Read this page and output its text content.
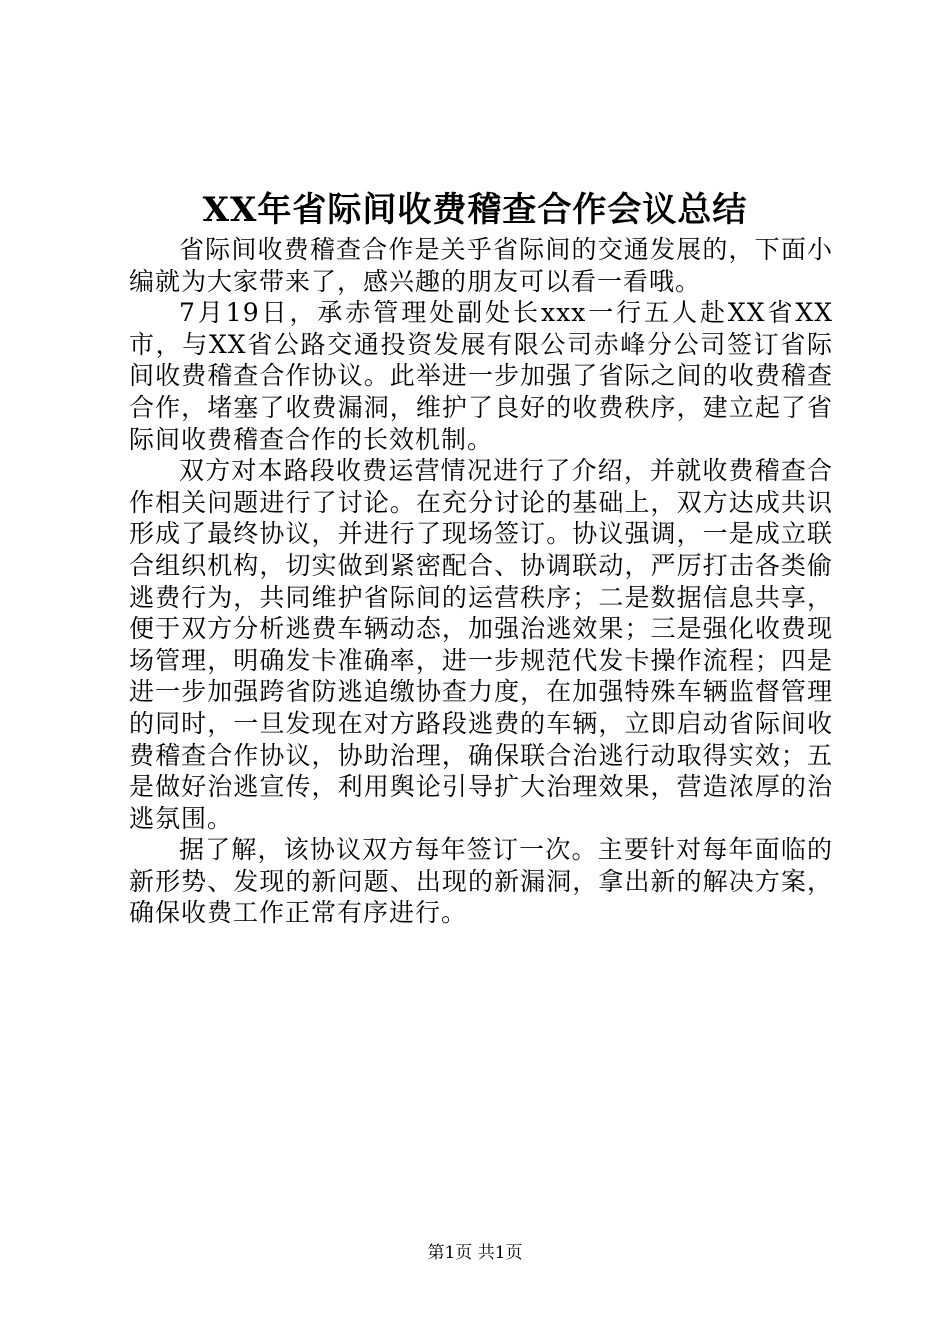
XX年省际间收费稽查合作会议总结

省际间收费稽查合作是关乎省际间的交通发展的，下面小编就为大家带来了，感兴趣的朋友可以看一看哦。

7月19日，承赤管理处副处长xxx一行五人赴XX省XX市，与XX省公路交通投资发展有限公司赤峰分公司签订省际间收费稽查合作协议。此举进一步加强了省际之间的收费稽查合作，堵塞了收费漏洞，维护了良好的收费秩序，建立起了省际间收费稽查合作的长效机制。

双方对本路段收费运营情况进行了介绍，并就收费稽查合作相关问题进行了讨论。在充分讨论的基础上，双方达成共识形成了最终协议，并进行了现场签订。协议强调，一是成立联合组织机构，切实做到紧密配合、协调联动，严厉打击各类偷逃费行为，共同维护省际间的运营秩序；二是数据信息共享，便于双方分析逃费车辆动态，加强治逃效果；三是强化收费现场管理，明确发卡准确率，进一步规范代发卡操作流程；四是进一步加强跨省防逃追缴协查力度，在加强特殊车辆监督管理的同时，一旦发现在对方路段逃费的车辆，立即启动省际间收费稽查合作协议，协助治理，确保联合治逃行动取得实效；五是做好治逃宣传，利用舆论引导扩大治理效果，营造浓厚的治逃氛围。

据了解，该协议双方每年签订一次。主要针对每年面临的新形势、发现的新问题、出现的新漏洞，拿出新的解决方案，确保收费工作正常有序进行。

第1页 共1页
